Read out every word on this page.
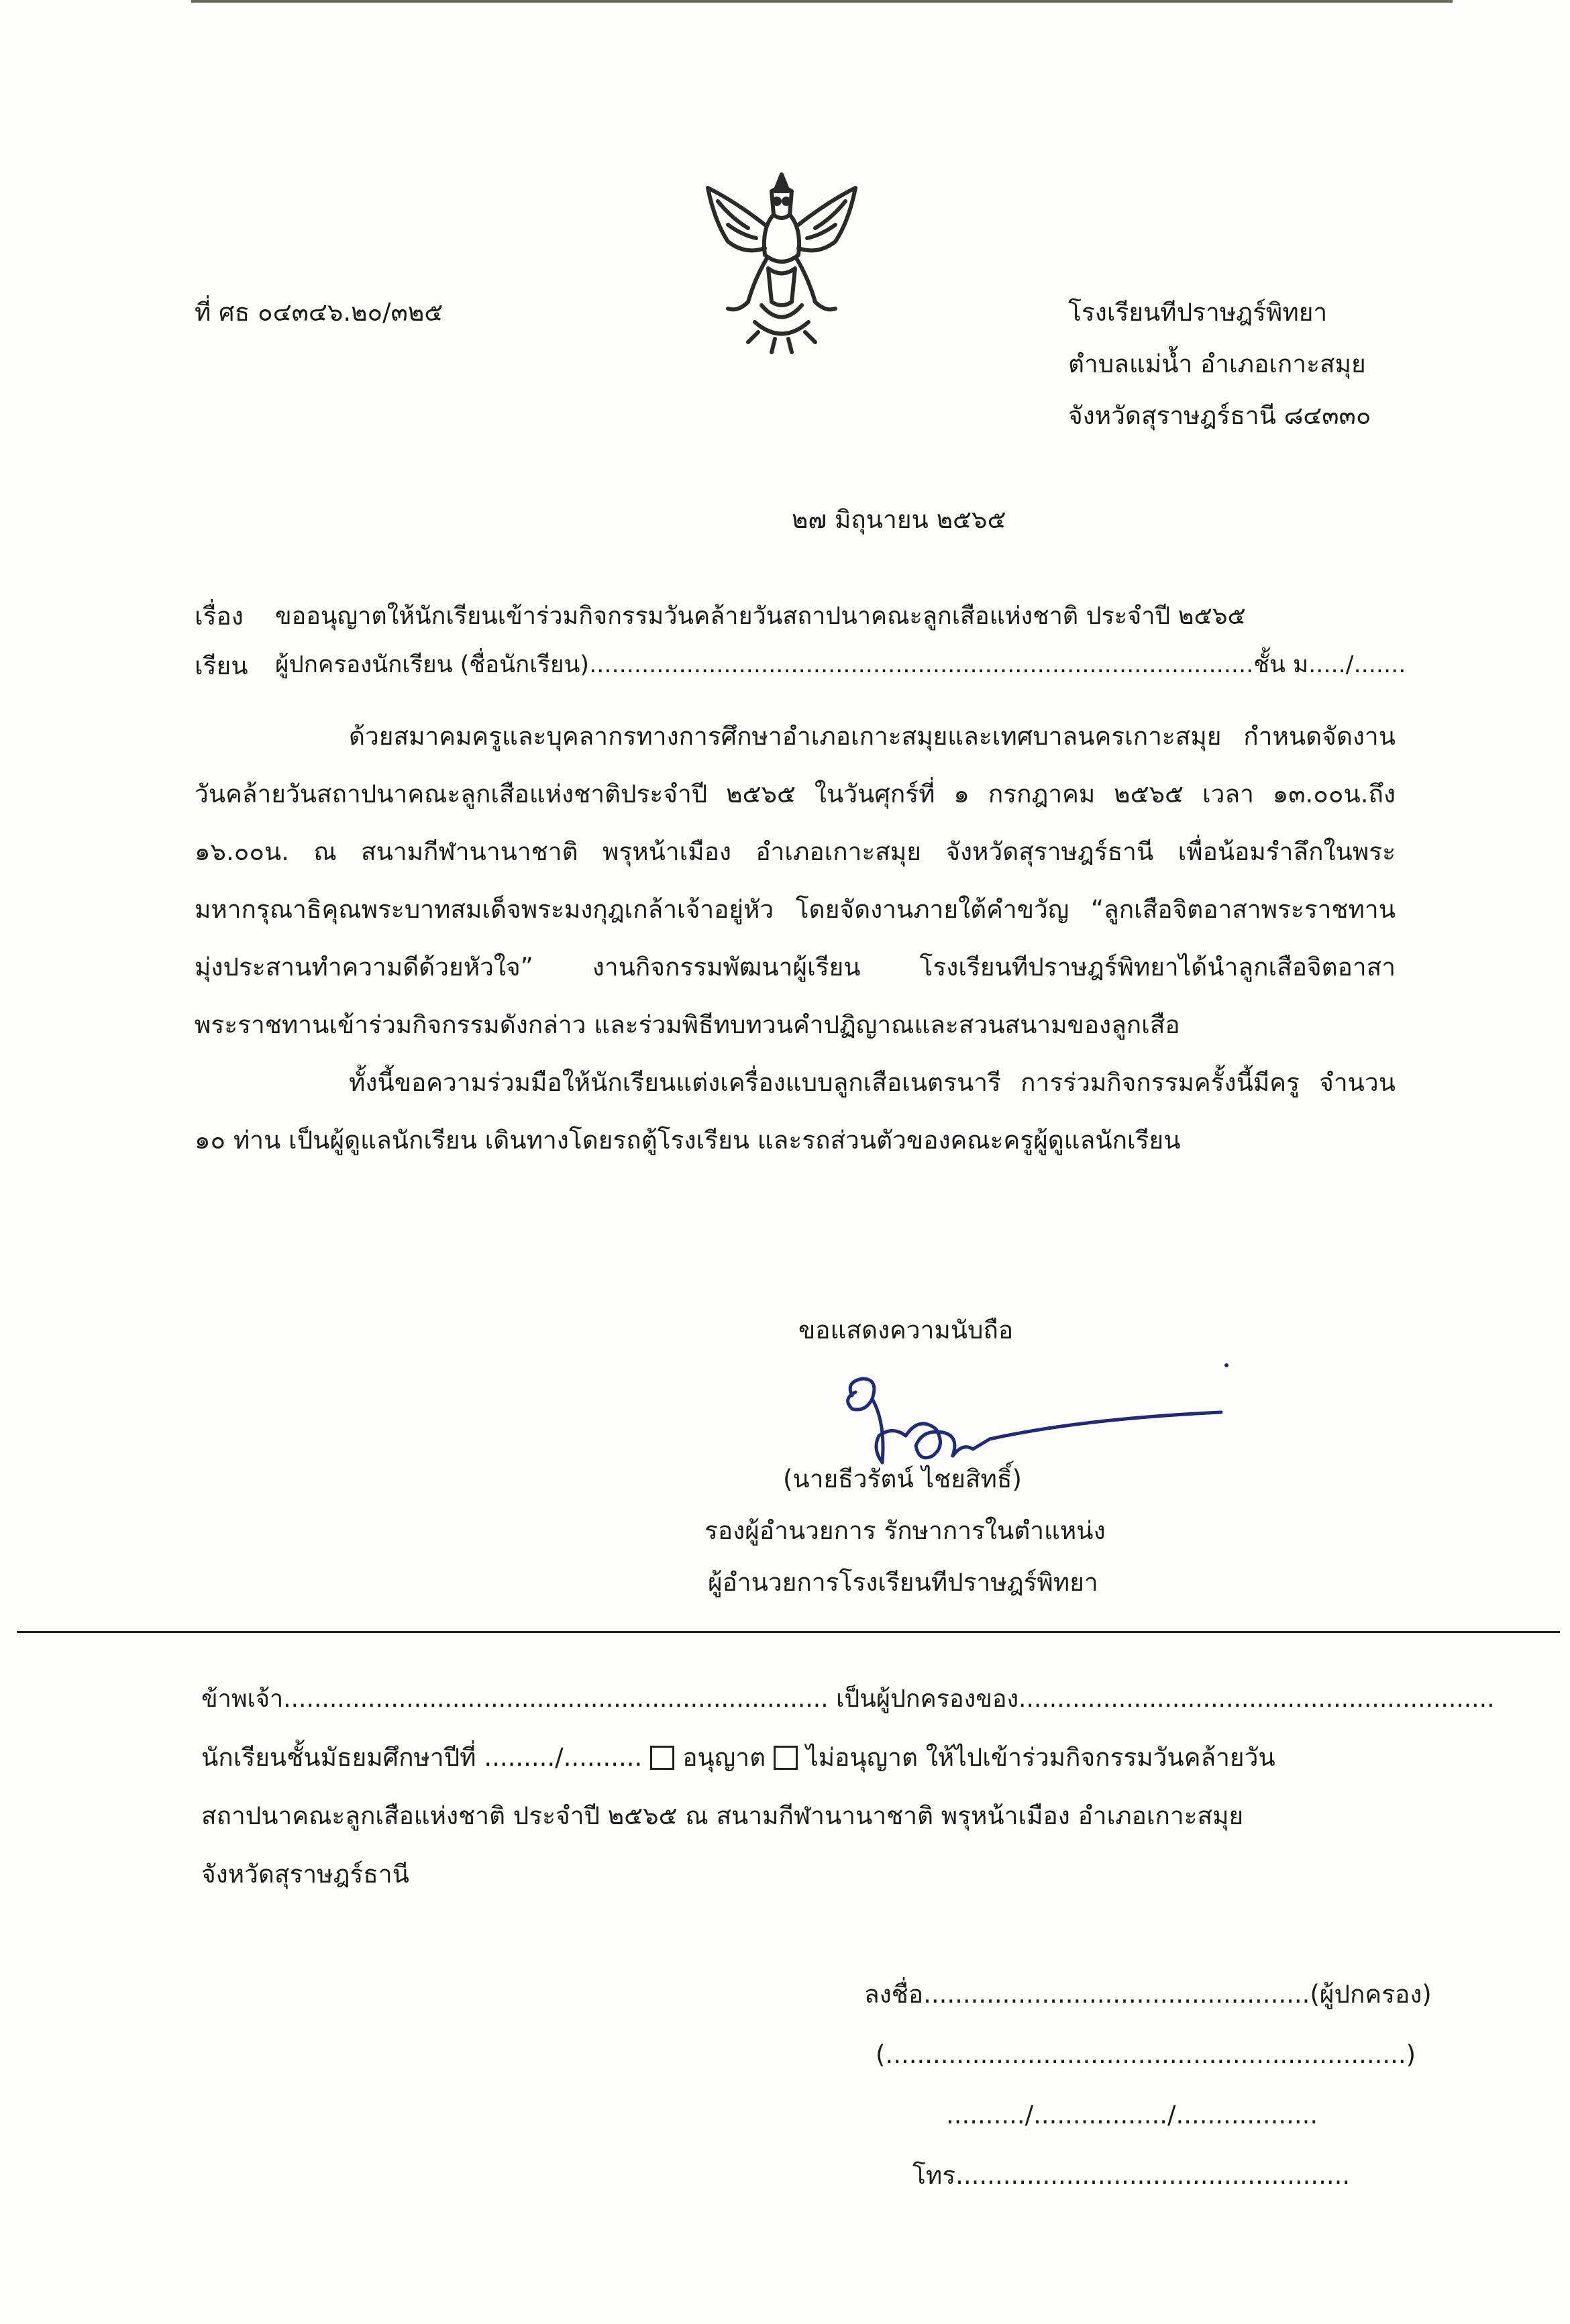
ที่ ศธ ๐๔๓๔๖.๒๐/๓๒๕	โรงเรียนทีปราษฎร์พิทยา
ตำบลแม่น้ำ อำเภอเกาะสมุย
จังหวัดสุราษฎร์ธานี ๘๔๓๓๐
๒๗ มิถุนายน ๒๕๖๕
เรื่อง ขออนุญาตให้นักเรียนเข้าร่วมกิจกรรมวันคล้ายวันสถาปนาคณะลูกเสือแห่งชาติ ประจำปี ๒๕๖๕
เรียน ผู้ปกครองนักเรียน (ชื่อนักเรียน).........................................................................................ชั้น ม...../.......
ด้วยสมาคมครูและบุคลากรทางการศึกษาอำเภอเกาะสมุยและเทศบาลนครเกาะสมุย กำหนดจัดงานวันคล้ายวันสถาปนาคณะลูกเสือแห่งชาติประจำปี ๒๕๖๕ ในวันศุกร์ที่ ๑ กรกฎาคม ๒๕๖๕ เวลา ๑๓.๐๐น.ถึง ๑๖.๐๐น. ณ สนามกีฬานานาชาติ พรุหน้าเมือง อำเภอเกาะสมุย จังหวัดสุราษฎร์ธานี เพื่อน้อมรำลึกในพระมหากรุณาธิคุณพระบาทสมเด็จพระมงกุฎเกล้าเจ้าอยู่หัว โดยจัดงานภายใต้คำขวัญ “ลูกเสือจิตอาสาพระราชทาน มุ่งประสานทำความดีด้วยหัวใจ” งานกิจกรรมพัฒนาผู้เรียน โรงเรียนทีปราษฎร์พิทยาได้นำลูกเสือจิตอาสาพระราชทานเข้าร่วมกิจกรรมดังกล่าว และร่วมพิธีทบทวนคำปฏิญาณและสวนสนามของลูกเสือ
ทั้งนี้ขอความร่วมมือให้นักเรียนแต่งเครื่องแบบลูกเสือเนตรนารี การร่วมกิจกรรมครั้งนี้มีครู จำนวน ๑๐ ท่าน เป็นผู้ดูแลนักเรียน เดินทางโดยรถตู้โรงเรียน และรถส่วนตัวของคณะครูผู้ดูแลนักเรียน
ขอแสดงความนับถือ
(นายธีวรัตน์ ไชยสิทธิ์)
รองผู้อำนวยการ รักษาการในตำแหน่ง
ผู้อำนวยการโรงเรียนทีปราษฎร์พิทยา
ข้าพเจ้า....................................................................... เป็นผู้ปกครองของ..............................................................
นักเรียนชั้นมัธยมศึกษาปีที่ ........./.......... อนุญาต ไม่อนุญาต ให้ไปเข้าร่วมกิจกรรมวันคล้ายวัน
สถาปนาคณะลูกเสือแห่งชาติ ประจำปี ๒๕๖๕ ณ สนามกีฬานานาชาติ พรุหน้าเมือง อำเภอเกาะสมุย
จังหวัดสุราษฎร์ธานี
ลงชื่อ.................................................(ผู้ปกครอง)
(..................................................................)
........../................./..................
โทร..................................................
